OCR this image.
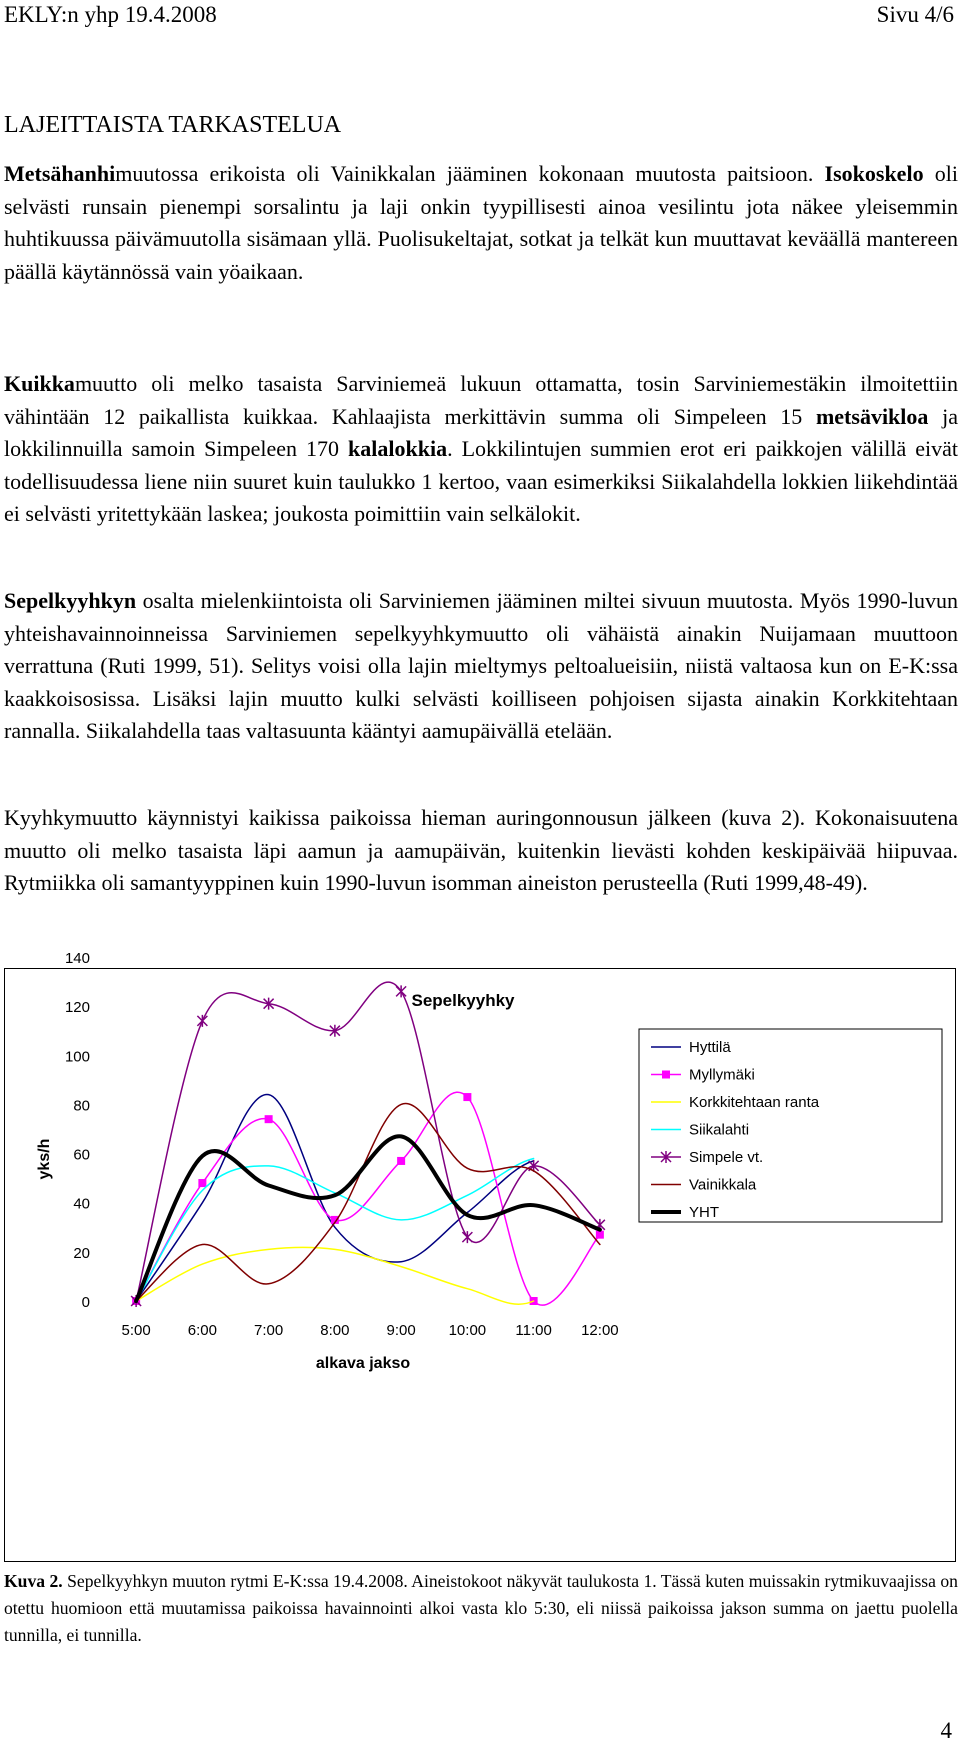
EKLY:n yhp 19.4.2008	Sivu 4/6
LAJEITTAISTA TARKASTELUA

Metsähanhimuutossa erikoista oli Vainikkalan jääminen kokonaan muutosta paitsioon. Isokoskelo oli selvästi runsain pienempi sorsalintu ja laji onkin tyypillisesti ainoa vesilintu jota näkee yleisemmin huhtikuussa päivämuutolla sisämaan yllä. Puolisukeltajat, sotkat ja telkät kun muuttavat keväällä mantereen päällä käytännössä vain yöaikaan.

Kuikkamuutto oli melko tasaista Sarviniemeä lukuun ottamatta, tosin Sarviniemestäkin ilmoitettiin vähintään 12 paikallista kuikkaa. Kahlaajista merkittävin summa oli Simpeleen 15 metsävikloa ja lokkilinnuilla samoin Simpeleen 170 kalalokkia. Lokkilintujen summien erot eri paikkojen välillä eivät todellisuudessa liene niin suuret kuin taulukko 1 kertoo, vaan esimerkiksi Siikalahdella lokkien liikehdintää ei selvästi yritettykään laskea; joukosta poimittiin vain selkälokit.

Sepelkyyhkyn osalta mielenkiintoista oli Sarviniemen jääminen miltei sivuun muutosta. Myös 1990-luvun yhteishavainnoinneissa Sarviniemen sepelkyyhkymuutto oli vähäistä ainakin Nuijamaan muuttoon verrattuna (Ruti 1999, 51). Selitys voisi olla lajin mieltymys peltoalueisiin, niistä valtaosa kun on E-K:ssa kaakkoisosissa. Lisäksi lajin muutto kulki selvästi koilliseen pohjoisen sijasta ainakin Korkkitehtaan rannalla. Siikalahdella taas valtasuunta kääntyi aamupäivällä etelään.

Kyyhkymuutto käynnistyi kaikissa paikoissa hieman auringonnousun jälkeen (kuva 2). Kokonaisuutena muutto oli melko tasaista läpi aamun ja aamupäivän, kuitenkin lievästi kohden keskipäivää hiipuvaa. Rytmiikka oli samantyyppinen kuin 1990-luvun isomman aineiston perusteella (Ruti 1999,48-49).

Sepelkyyhky
0
20
40
60
80
100
120
140
yks/h
5:00 6:00 7:00 8:00 9:00 10:00 11:00 12:00
alkava jakso
Hyttilä
Myllymäki
Korkkitehtaan ranta
Siikalahti
Simpele vt.
Vainikkala
YHT

Kuva 2. Sepelkyyhkyn muuton rytmi E-K:ssa 19.4.2008. Aineistokoot näkyvät taulukosta 1. Tässä kuten muissakin rytmikuvaajissa on otettu huomioon että muutamissa paikoissa havainnointi alkoi vasta klo 5:30, eli niissä paikoissa jakson summa on jaettu puolella tunnilla, ei tunnilla.

4
